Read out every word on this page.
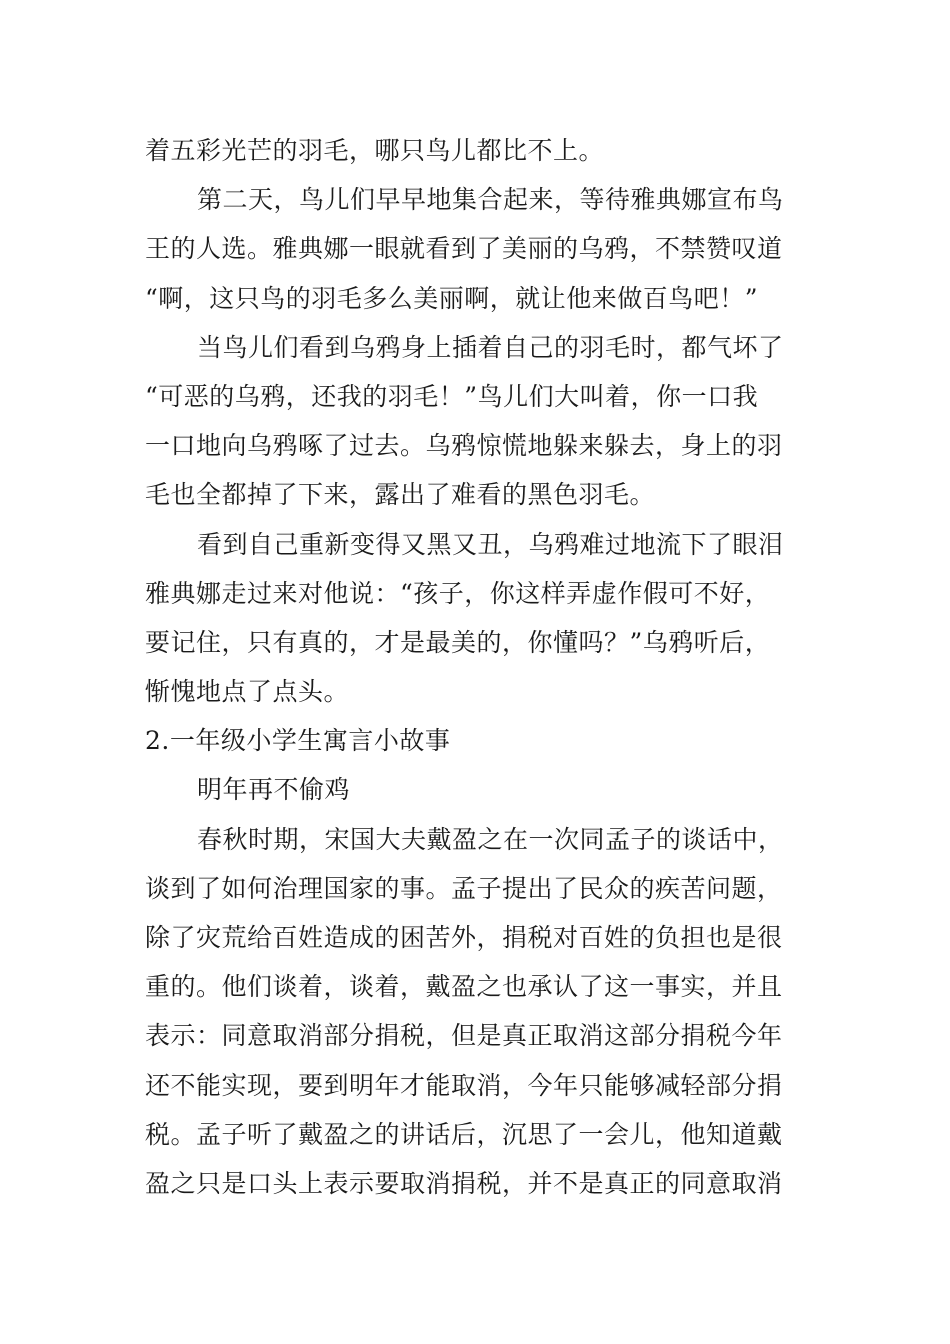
着五彩光芒的羽毛，哪只鸟儿都比不上。
第二天，鸟儿们早早地集合起来，等待雅典娜宣布鸟
王的人选。雅典娜一眼就看到了美丽的乌鸦，不禁赞叹道
“啊，这只鸟的羽毛多么美丽啊，就让他来做百鸟吧！”
当鸟儿们看到乌鸦身上插着自己的羽毛时，都气坏了
“可恶的乌鸦，还我的羽毛！”鸟儿们大叫着，你一口我
一口地向乌鸦啄了过去。乌鸦惊慌地躲来躲去，身上的羽
毛也全都掉了下来，露出了难看的黑色羽毛。
看到自己重新变得又黑又丑，乌鸦难过地流下了眼泪
雅典娜走过来对他说：“孩子，你这样弄虚作假可不好，
要记住，只有真的，才是最美的，你懂吗？”乌鸦听后，
惭愧地点了点头。
2.一年级小学生寓言小故事
明年再不偷鸡
春秋时期，宋国大夫戴盈之在一次同孟子的谈话中，
谈到了如何治理国家的事。孟子提出了民众的疾苦问题，
除了灾荒给百姓造成的困苦外，捐税对百姓的负担也是很
重的。他们谈着，谈着，戴盈之也承认了这一事实，并且
表示：同意取消部分捐税，但是真正取消这部分捐税今年
还不能实现，要到明年才能取消，今年只能够减轻部分捐
税。孟子听了戴盈之的讲话后，沉思了一会儿，他知道戴
盈之只是口头上表示要取消捐税，并不是真正的同意取消
